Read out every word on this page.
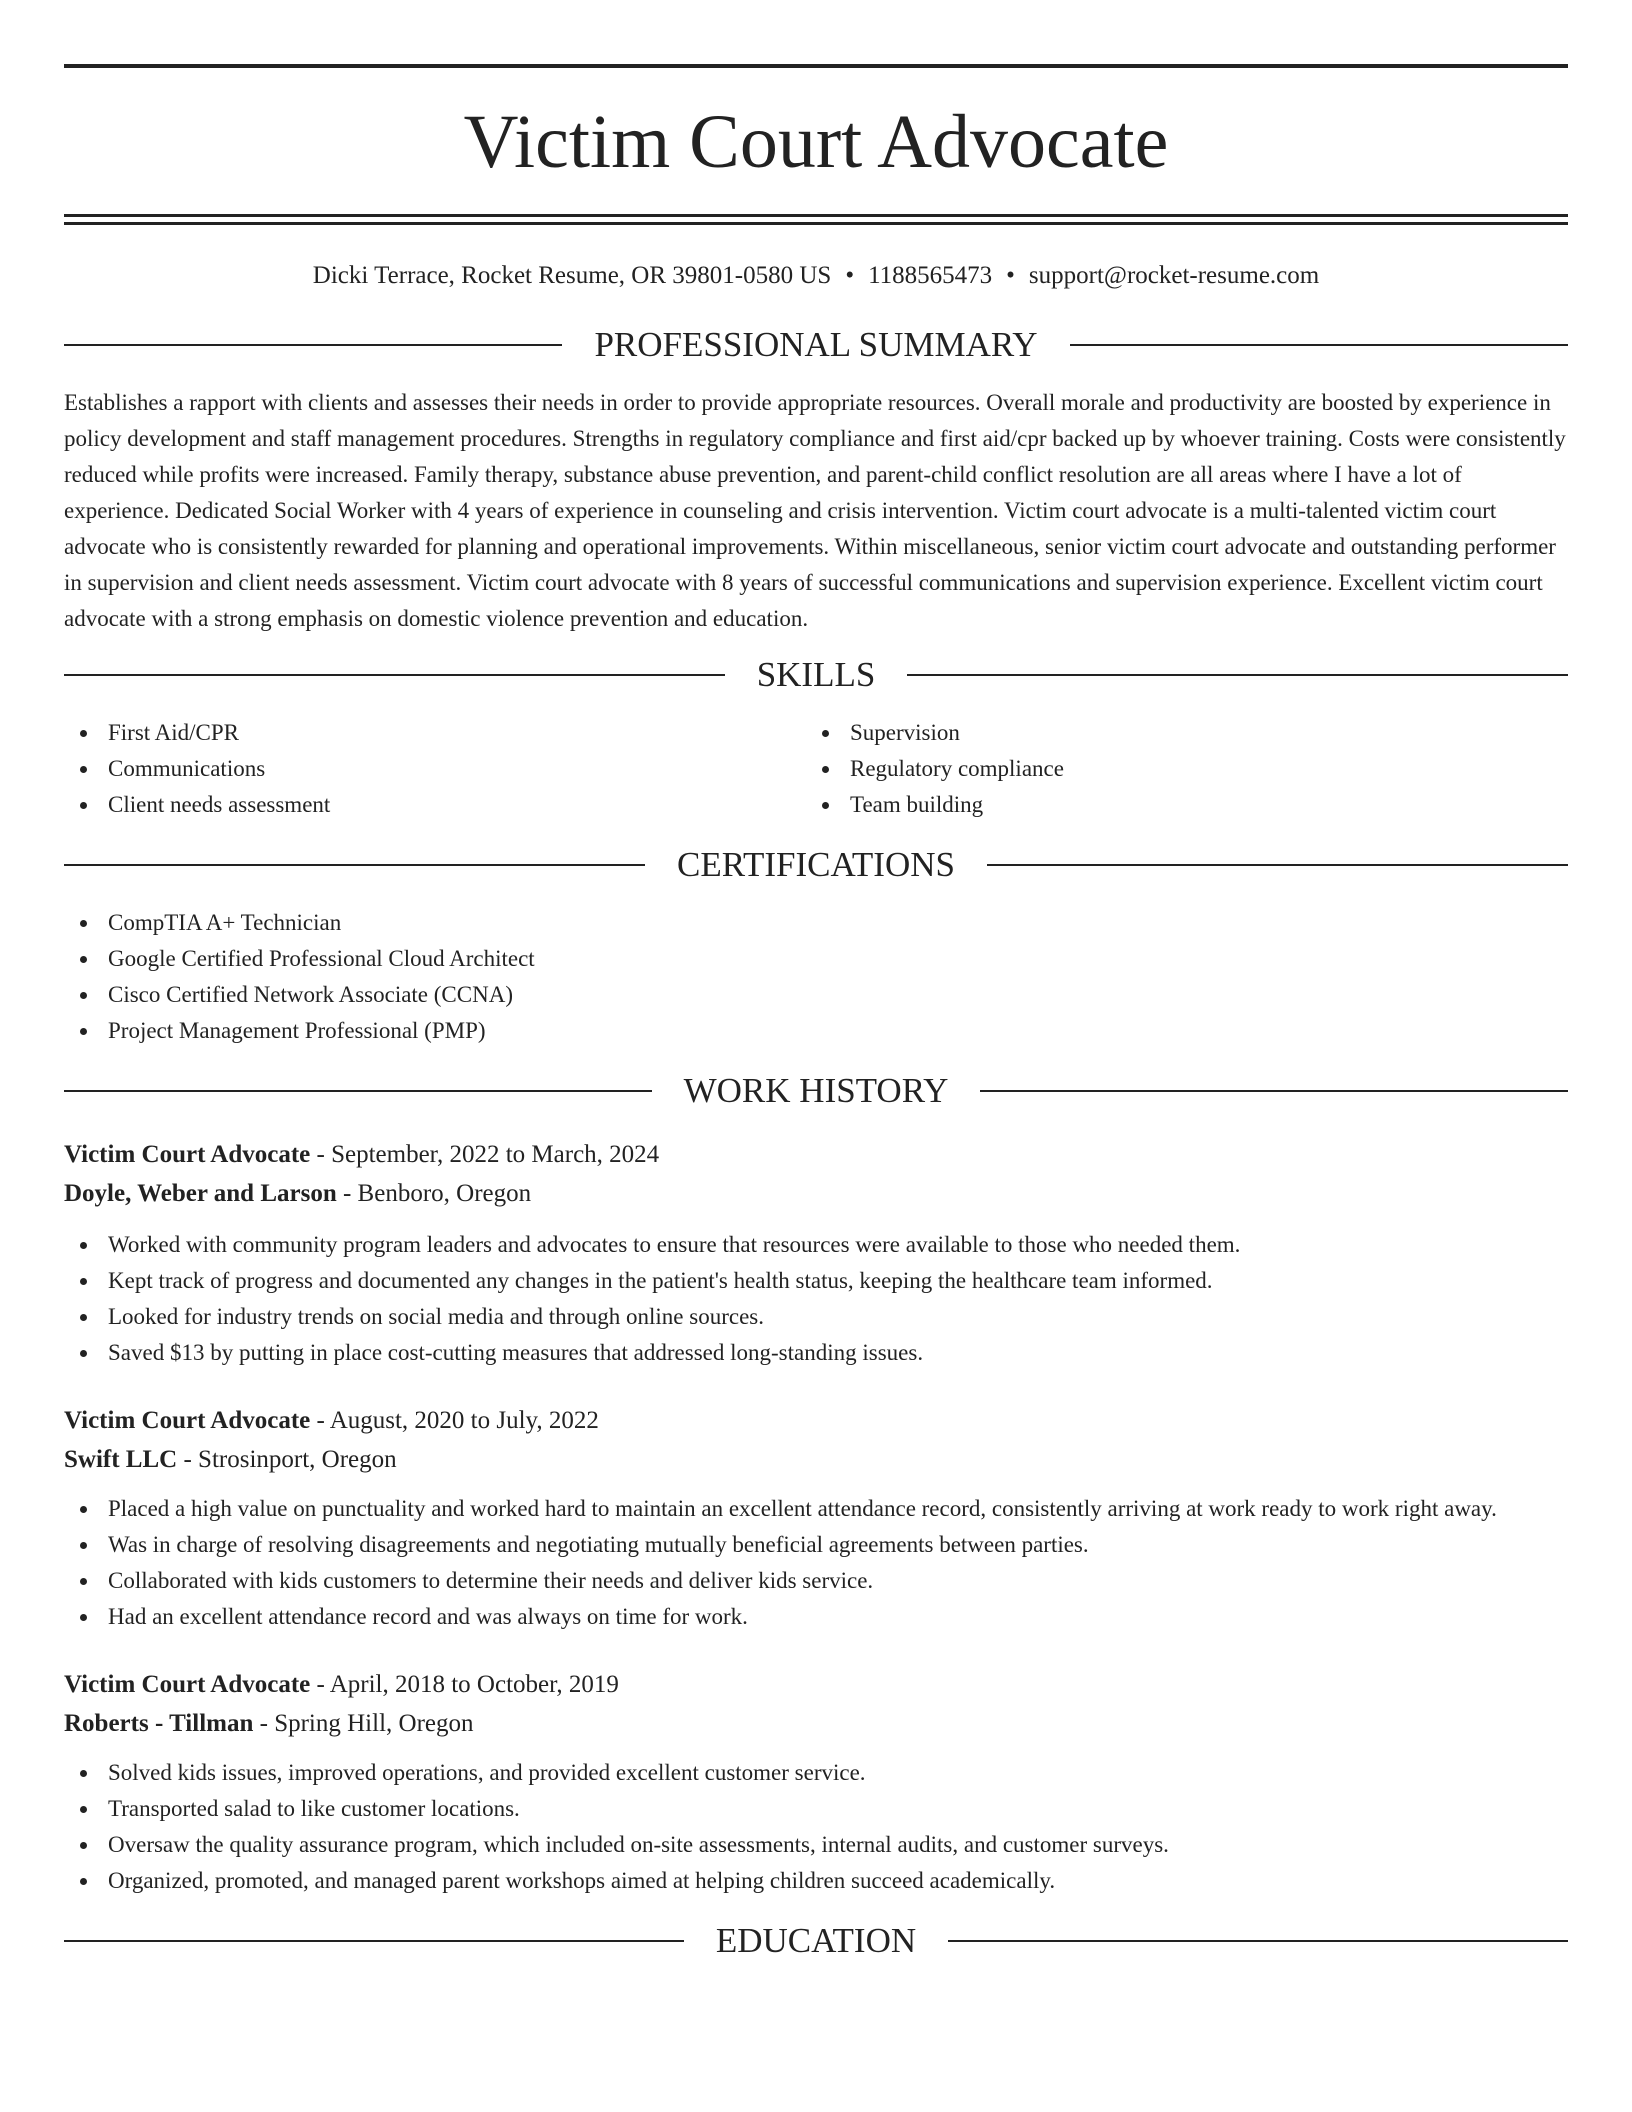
Victim Court Advocate
Dicki Terrace, Rocket Resume, OR 39801-0580 US • 1188565473 • support@rocket-resume.com
PROFESSIONAL SUMMARY

Establishes a rapport with clients and assesses their needs in order to provide appropriate resources. Overall morale and productivity are boosted by experience in policy development and staff management procedures. Strengths in regulatory compliance and first aid/cpr backed up by whoever training. Costs were consistently reduced while profits were increased. Family therapy, substance abuse prevention, and parent-child conflict resolution are all areas where I have a lot of experience. Dedicated Social Worker with 4 years of experience in counseling and crisis intervention. Victim court advocate is a multi-talented victim court advocate who is consistently rewarded for planning and operational improvements. Within miscellaneous, senior victim court advocate and outstanding performer in supervision and client needs assessment. Victim court advocate with 8 years of successful communications and supervision experience. Excellent victim court advocate with a strong emphasis on domestic violence prevention and education.

SKILLS
First Aid/CPR
Communications
Client needs assessment
Supervision
Regulatory compliance
Team building
CERTIFICATIONS
CompTIA A+ Technician
Google Certified Professional Cloud Architect
Cisco Certified Network Associate (CCNA)
Project Management Professional (PMP)
WORK HISTORY
Victim Court Advocate - September, 2022 to March, 2024
Doyle, Weber and Larson - Benboro, Oregon
Worked with community program leaders and advocates to ensure that resources were available to those who needed them.
Kept track of progress and documented any changes in the patient's health status, keeping the healthcare team informed.
Looked for industry trends on social media and through online sources.
Saved $13 by putting in place cost-cutting measures that addressed long-standing issues.
Victim Court Advocate - August, 2020 to July, 2022
Swift LLC - Strosinport, Oregon
Placed a high value on punctuality and worked hard to maintain an excellent attendance record, consistently arriving at work ready to work right away.
Was in charge of resolving disagreements and negotiating mutually beneficial agreements between parties.
Collaborated with kids customers to determine their needs and deliver kids service.
Had an excellent attendance record and was always on time for work.
Victim Court Advocate - April, 2018 to October, 2019
Roberts - Tillman - Spring Hill, Oregon
Solved kids issues, improved operations, and provided excellent customer service.
Transported salad to like customer locations.
Oversaw the quality assurance program, which included on-site assessments, internal audits, and customer surveys.
Organized, promoted, and managed parent workshops aimed at helping children succeed academically.
EDUCATION
